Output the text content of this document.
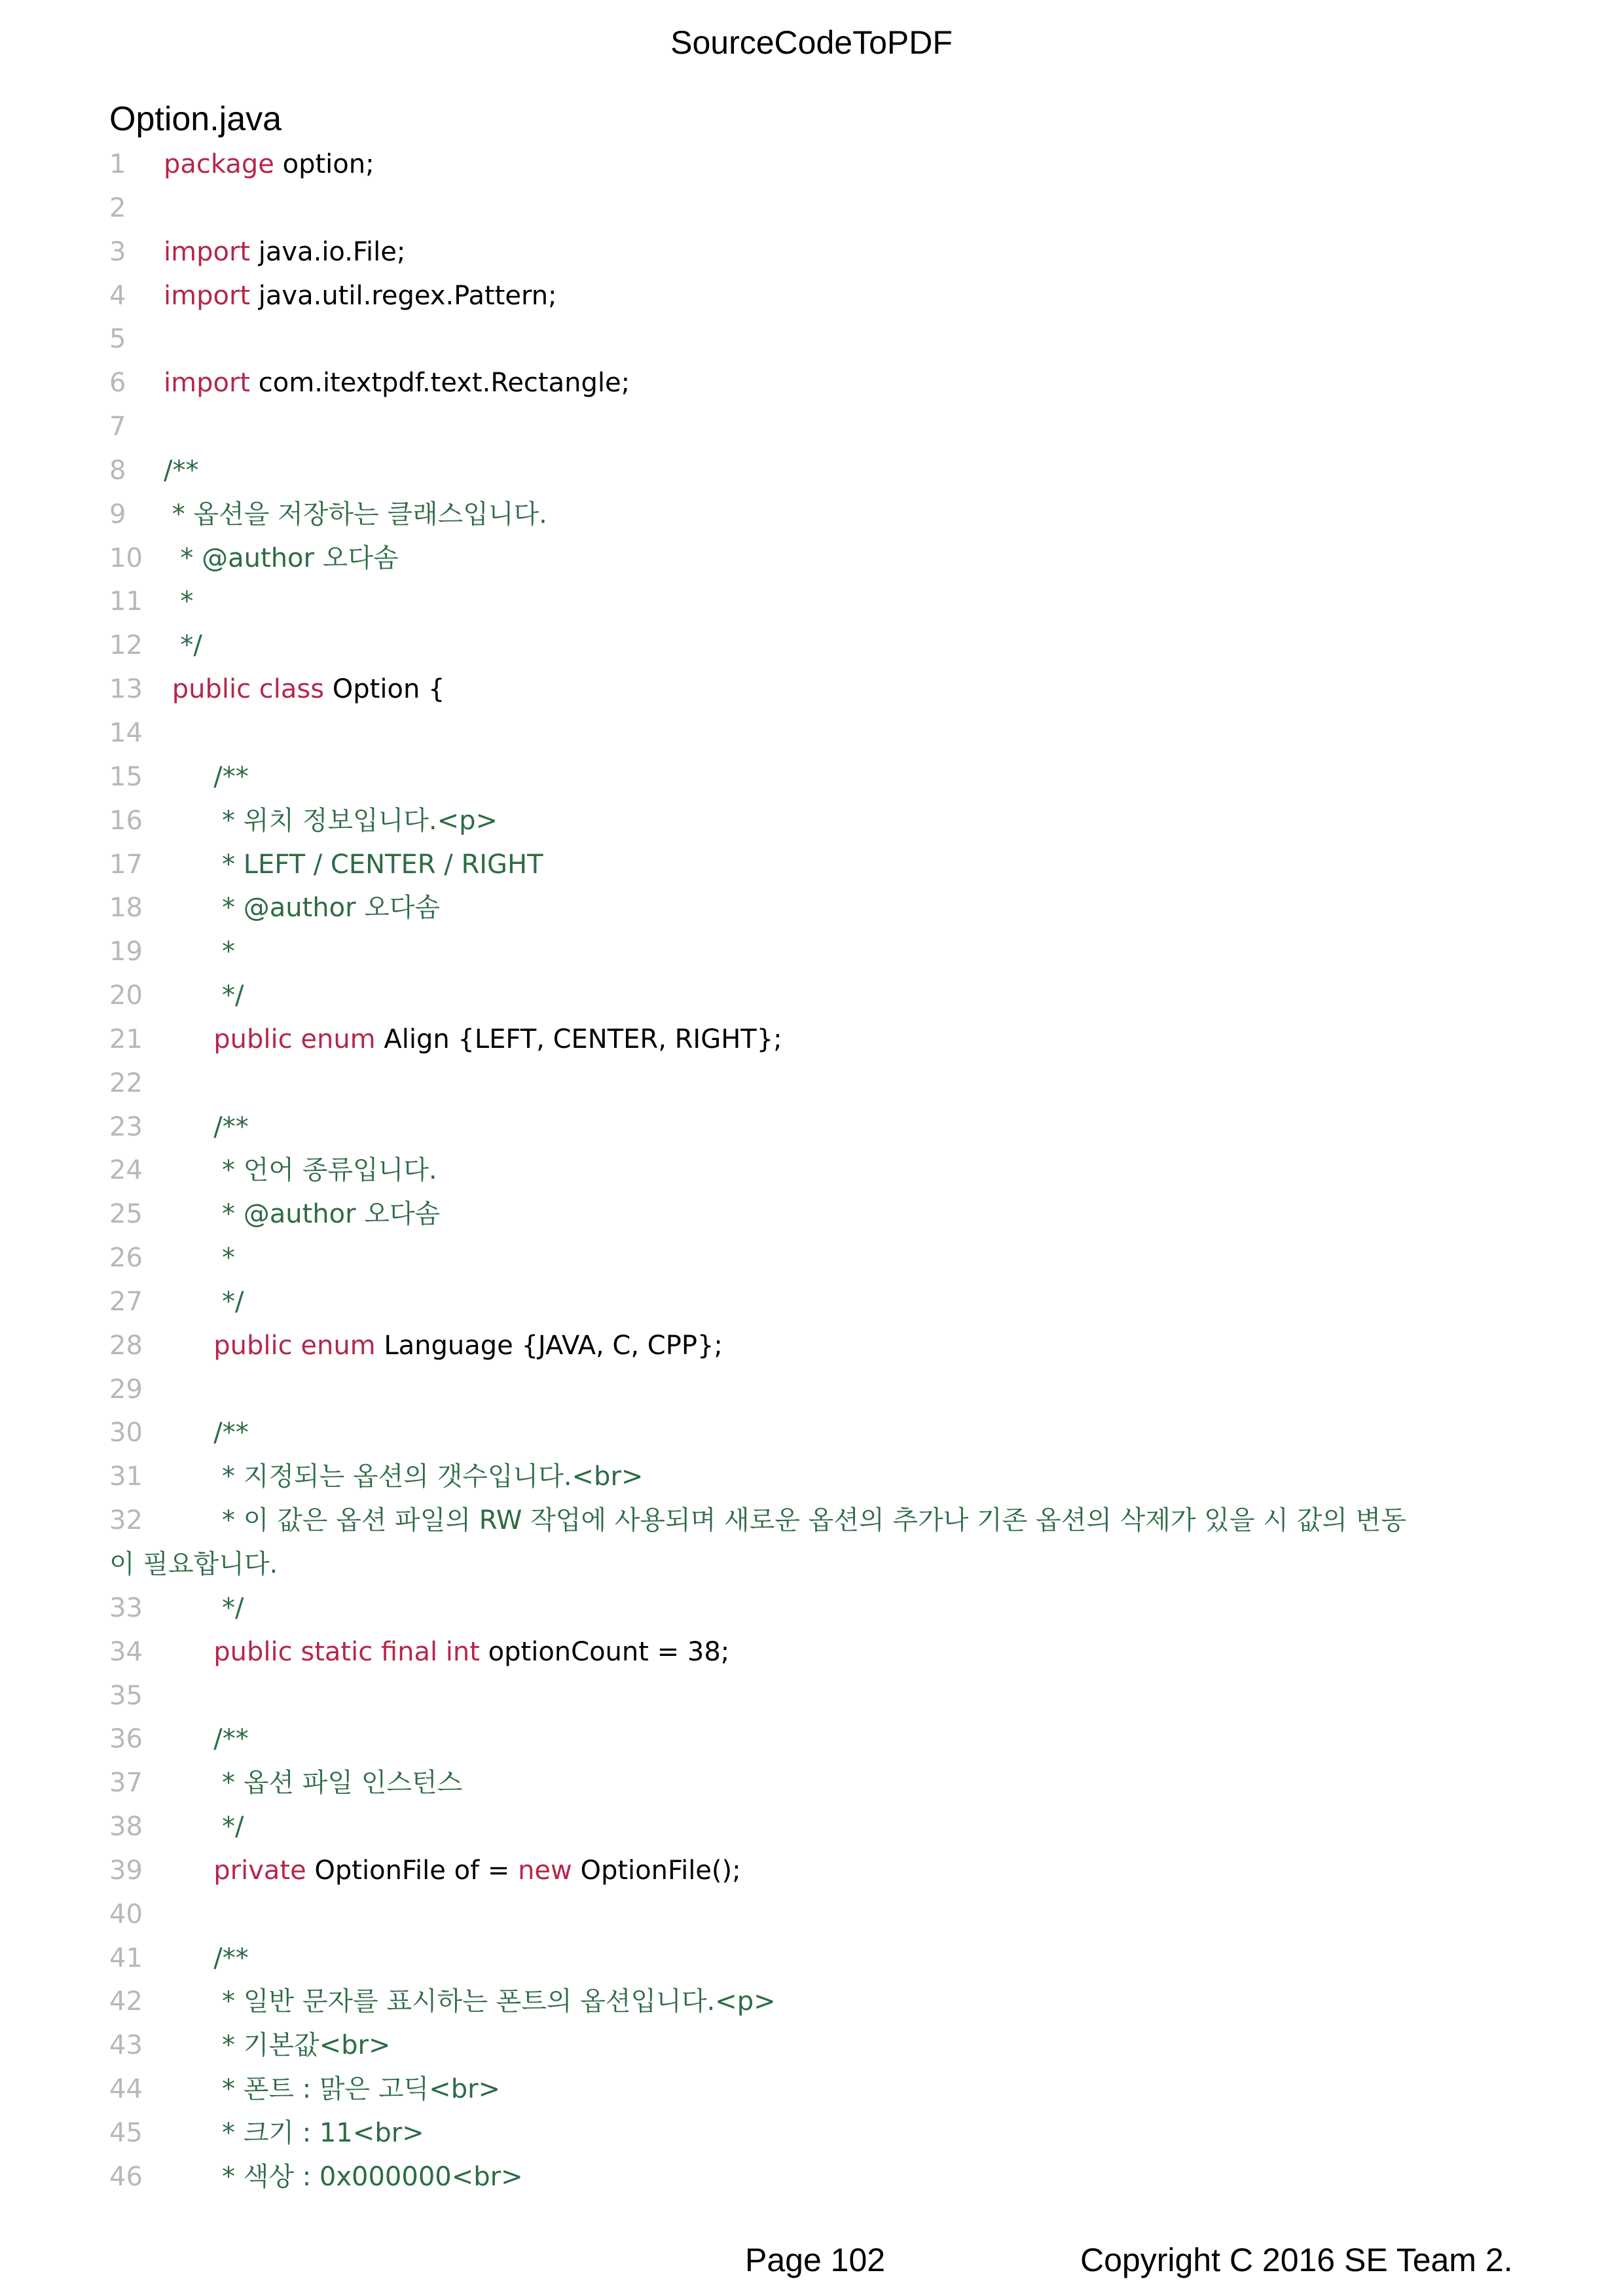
SourceCodeToPDF
Option.java
1 package option;
2
3 import java.io.File;
4 import java.util.regex.Pattern;
5
6 import com.itextpdf.text.Rectangle;
7
8 /**
9 * 옵션을 저장하는 클래스입니다.
10 * @author 오다솜
11 *
12 */
13 public class Option {
14
15 /**
16 * 위치 정보입니다.<p>
17 * LEFT / CENTER / RIGHT
18 * @author 오다솜
19 *
20 */
21 public enum Align {LEFT, CENTER, RIGHT};
22
23 /**
24 * 언어 종류입니다.
25 * @author 오다솜
26 *
27 */
28 public enum Language {JAVA, C, CPP};
29
30 /**
31 * 지정되는 옵션의 갯수입니다.<br>
32 * 이 값은 옵션 파일의 RW 작업에 사용되며 새로운 옵션의 추가나 기존 옵션의 삭제가 있을 시 값의 변동
이 필요합니다.
33 */
34 public static final int optionCount = 38;
35
36 /**
37 * 옵션 파일 인스턴스
38 */
39 private OptionFile of = new OptionFile();
40
41 /**
42 * 일반 문자를 표시하는 폰트의 옵션입니다.<p>
43 * 기본값<br>
44 * 폰트 : 맑은 고딕<br>
45 * 크기 : 11<br>
46 * 색상 : 0x000000<br>
Page 102	Copyright C 2016 SE Team 2.
